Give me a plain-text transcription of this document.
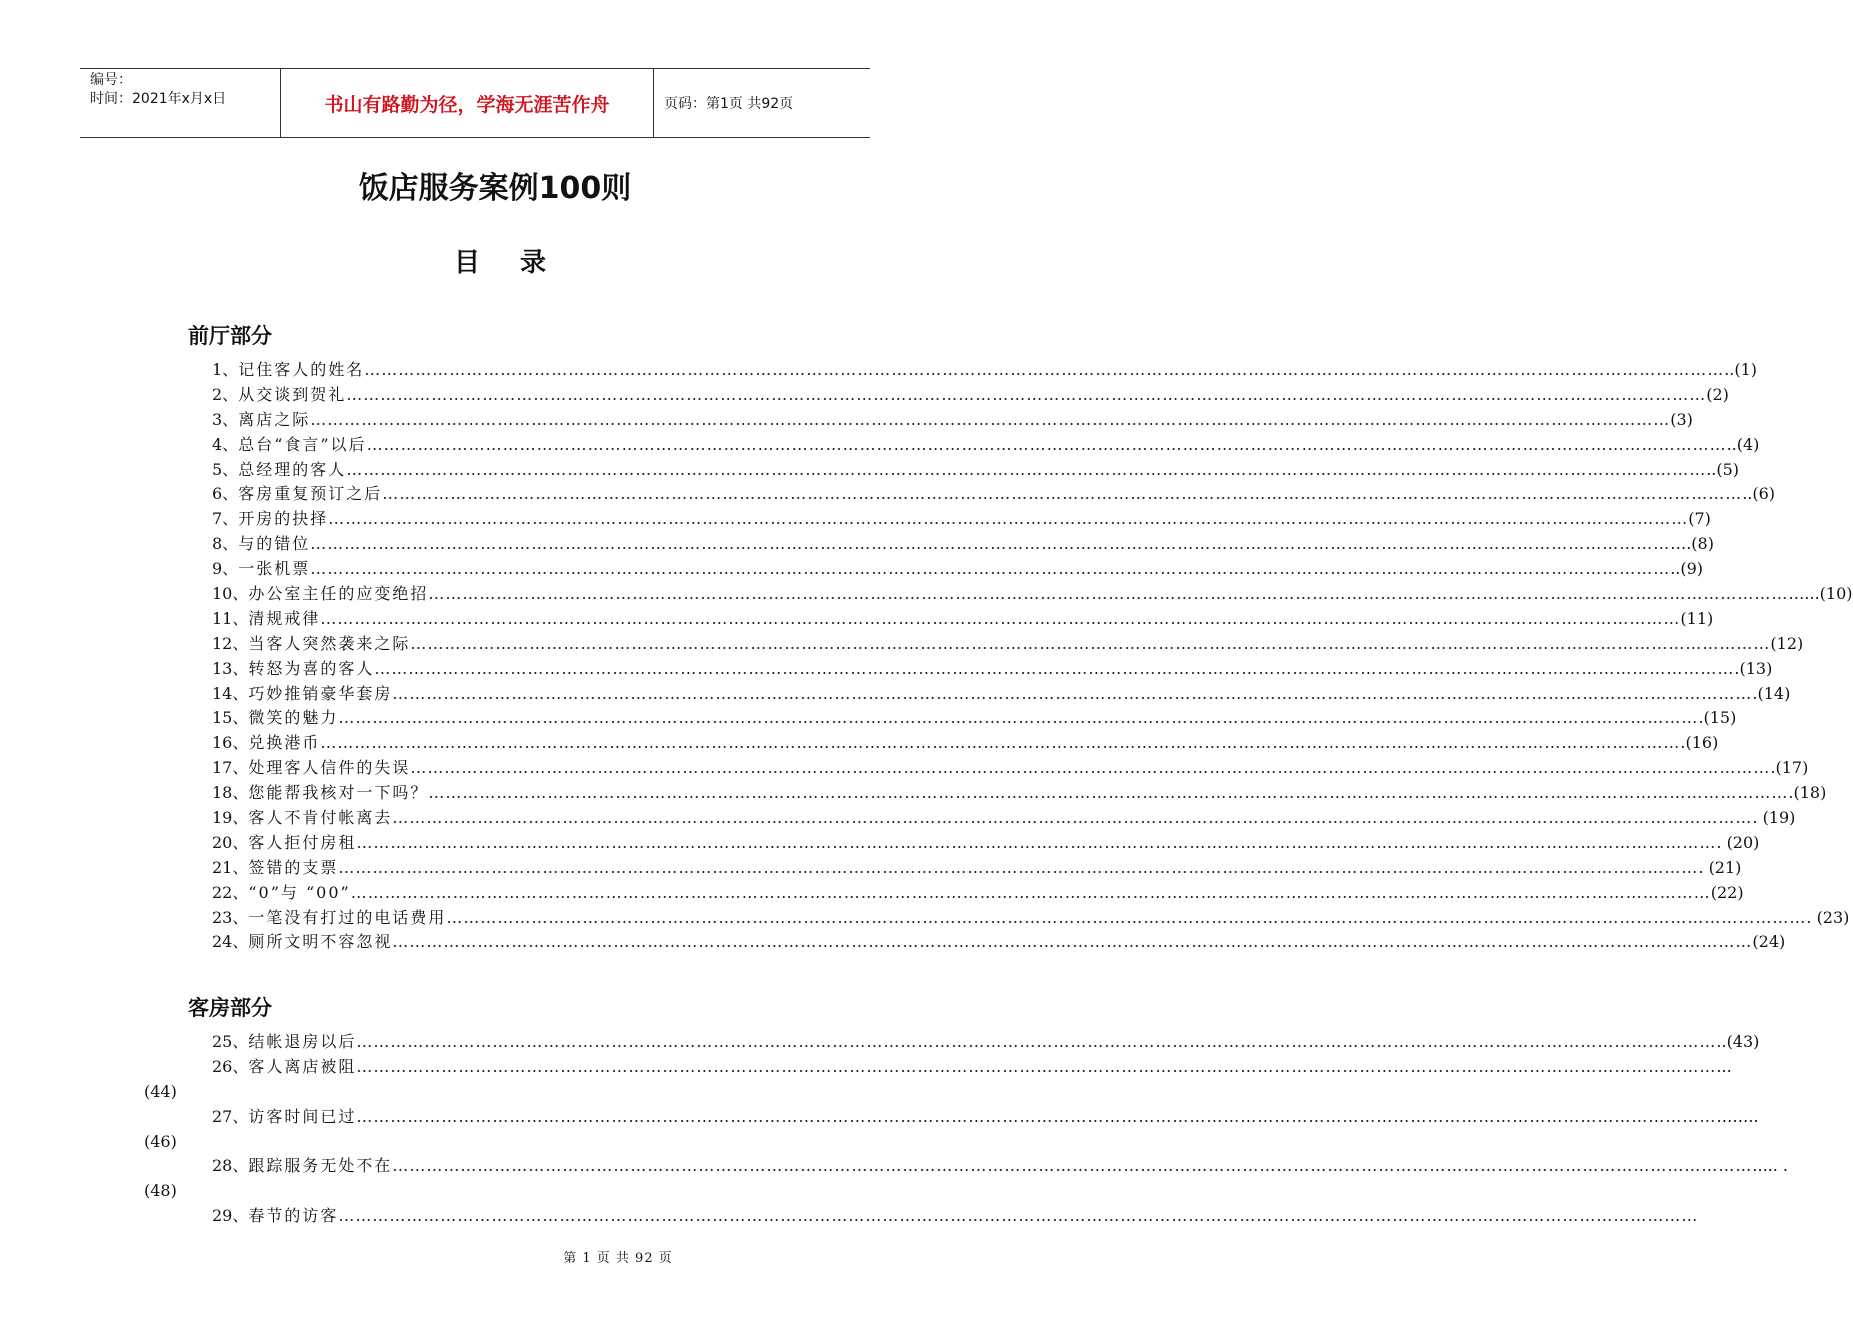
编号：
时间：2021年x月x日	书山有路勤为径，学海无涯苦作舟	页码：第1页 共92页
饭店服务案例100则
目录
前厅部分
1、 记住客人的姓名 …………………………………………………………………………………………………………………………………………………………………………………………………………………… ..(1)
2、 从交谈到贺礼 …………………………………………………………………………………………………………………………………………………………………………………………………………………… (2)
3、 离店之际 …………………………………………………………………………………………………………………………………………………………………………………………………………………… (3)
4、 总台“食言”以后 …………………………………………………………………………………………………………………………………………………………………………………………………………………… ..(4)
5、 总经理的客人 …………………………………………………………………………………………………………………………………………………………………………………………………………………… ..(5)
6、 客房重复预订之后 …………………………………………………………………………………………………………………………………………………………………………………………………………………… ..(6)
7、 开房的抉择 …………………………………………………………………………………………………………………………………………………………………………………………………………………… (7)
8、 与的错位 …………………………………………………………………………………………………………………………………………………………………………………………………………………… ….(8)
9、 一张机票 …………………………………………………………………………………………………………………………………………………………………………………………………………………… ..(9)
10、 办公室主任的应变绝招 …………………………………………………………………………………………………………………………………………………………………………………………………………………… …...(10)
11、 清规戒律 …………………………………………………………………………………………………………………………………………………………………………………………………………………… (11)
12、 当客人突然袭来之际 …………………………………………………………………………………………………………………………………………………………………………………………………………………… (12)
13、 转怒为喜的客人 …………………………………………………………………………………………………………………………………………………………………………………………………………………… .(13)
14、 巧妙推销豪华套房 …………………………………………………………………………………………………………………………………………………………………………………………………………………… .(14)
15、 微笑的魅力 …………………………………………………………………………………………………………………………………………………………………………………………………………………… .(15)
16、 兑换港币 …………………………………………………………………………………………………………………………………………………………………………………………………………………… .(16)
17、 处理客人信件的失误 …………………………………………………………………………………………………………………………………………………………………………………………………………………… .(17)
18、 您能帮我核对一下吗？ …………………………………………………………………………………………………………………………………………………………………………………………………………………… .(18)
19、 客人不肯付帐离去 …………………………………………………………………………………………………………………………………………………………………………………………………………………… . (19)
20、 客人拒付房租 …………………………………………………………………………………………………………………………………………………………………………………………………………………… . (20)
21、 签错的支票 …………………………………………………………………………………………………………………………………………………………………………………………………………………… . (21)
22、 “0”与 “00” …………………………………………………………………………………………………………………………………………………………………………………………………………………… (22)
23、 一笔没有打过的电话费用 …………………………………………………………………………………………………………………………………………………………………………………………………………………… . (23)
24、 厕所文明不容忽视 …………………………………………………………………………………………………………………………………………………………………………………………………………………… (24)
客房部分
25、 结帐退房以后 …………………………………………………………………………………………………………………………………………………………………………………………………………………… ..(43)
26、 客人离店被阻 …………………………………………………………………………………………………………………………………………………………………………………………………………………… ...
(44)
27、 访客时间已过 …………………………………………………………………………………………………………………………………………………………………………………………………………………… ……..
(46)
28、 跟踪服务无处不在 …………………………………………………………………………………………………………………………………………………………………………………………………………………… ..... .
(48)
29、 春节的访客 ……………………………………………………………………………………………………………………………………………………………………………………………………………………
第 1 页 共 92 页
